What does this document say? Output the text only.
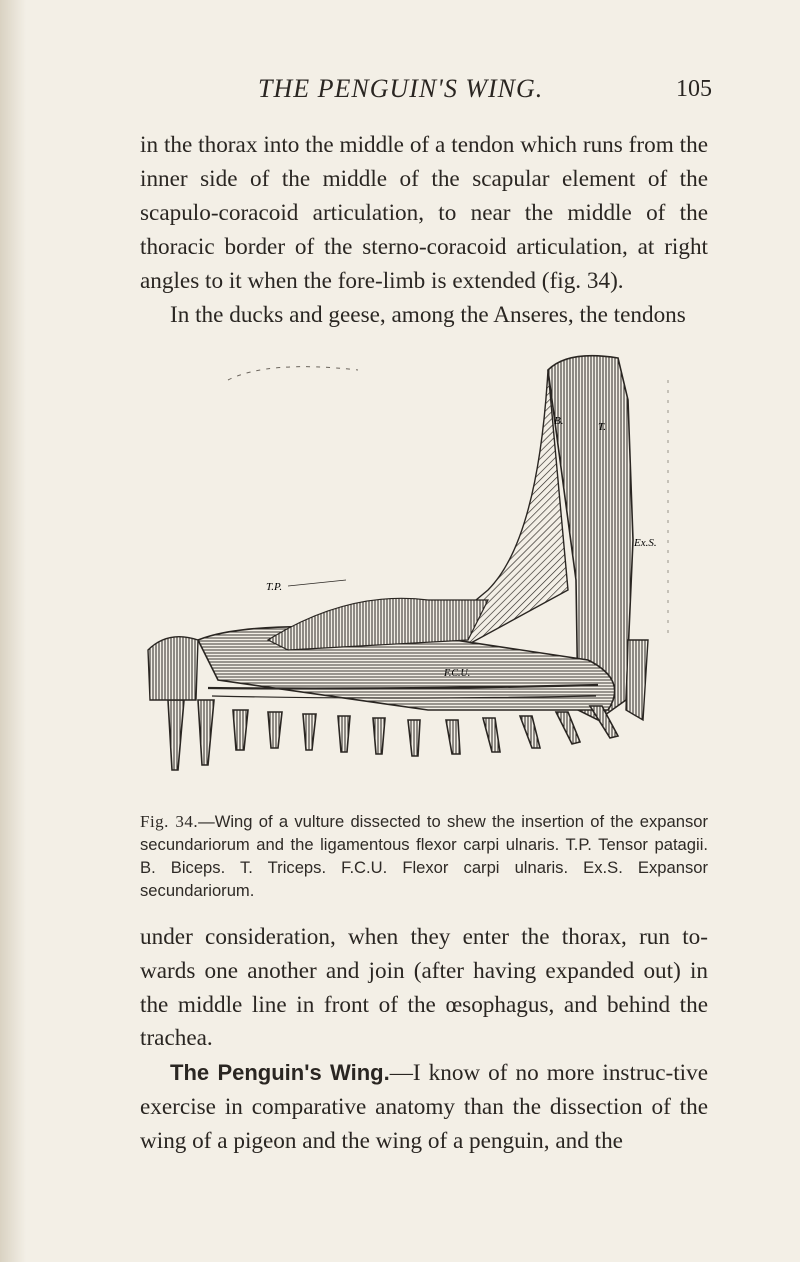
THE PENGUIN'S WING.	105

in the thorax into the middle of a tendon which runs from the inner side of the middle of the scapular element of the scapulo-coracoid articulation, to near the middle of the thoracic border of the sterno-coracoid articulation, at right angles to it when the fore-limb is extended (fig. 34).

In the ducks and geese, among the Anseres, the tendons

T.P.
B.	T.
Ex.S.
F.C.U.
Fig. 34.—Wing of a vulture dissected to shew the insertion of the expansor secundariorum and the ligamentous flexor carpi ulnaris. T.P. Tensor patagii. B. Biceps. T. Triceps. F.C.U. Flexor carpi ulnaris. Ex.S. Expansor secundariorum.

under consideration, when they enter the thorax, run to-wards one another and join (after having expanded out) in the middle line in front of the œsophagus, and behind the trachea.

The Penguin's Wing.—I know of no more instruc-tive exercise in comparative anatomy than the dissection of the wing of a pigeon and the wing of a penguin, and the
